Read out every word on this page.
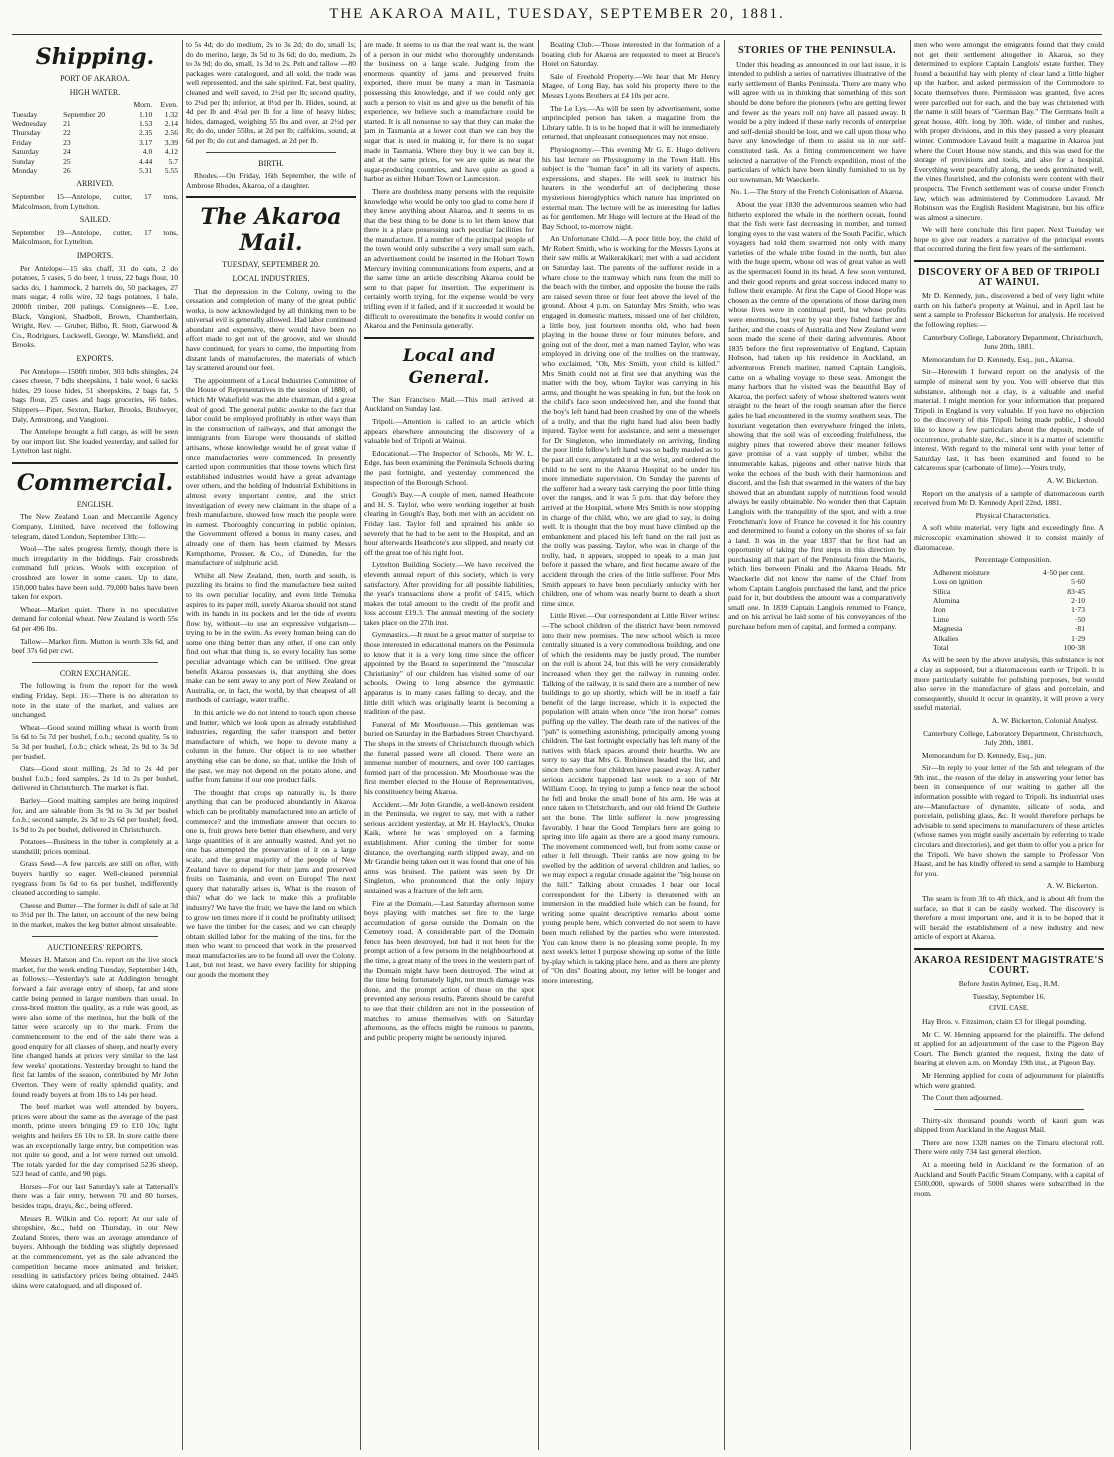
THE AKAROA MAIL, TUESDAY, SEPTEMBER 20, 1881.
Shipping.
PORT OF AKAROA.
HIGH WATER.
		Morn.	Even.
Tuesday	September 20	1.10	1.32
Wednesday	21	1.53	2.14
Thursday	22	2.35	2.56
Friday	23	3.17	3.39
Saturday	24	4.0	4.12
Sunday	25	4.44	5.7
Monday	26	5.31	5.55
ARRIVED.

September 15—Antelope, cutter, 17 tons, Malcolmson, from Lyttelton.

SAILED.

September 19—Antelope, cutter, 17 tons, Malcolmson, for Lyttelton.

IMPORTS.

Per Antelope—15 sks chaff, 31 do oats, 2 do potatoes, 5 cases, 5 do beer, 1 truss, 22 bags flour, 10 sacks do, 1 hammock, 2 barrels do, 50 packages, 27 mats sugar, 4 rolls wire, 32 bags potatoes, 1 bale, 2000ft timber, 200 palings. Consignees—E. Lee, Black, Vangioni, Shadbolt, Brown, Chamberlain, Wright, Rev. — Gruber, Bilbo, R. Stott, Garwood & Co., Rodrigues, Luckwell, George, W. Mansfield, and Brooks.

EXPORTS.

Per Antelope—1500ft timber, 303 bdls shingles, 24 cases cheese, 7 bdls sheepskins, 1 bale wool, 6 sacks hides, 29 loose hides, 51 sheepskins, 2 bags fat, 5 bags flour, 25 cases and bags groceries, 66 hides. Shippers—Piper, Sexton, Barker, Brooks, Bruhwyer, Daly, Armstrong, and Vangioni.

The Antelope brought a full cargo, as will be seen by our import list. She loaded yesterday, and sailed for Lyttelton last night.

Commercial.
ENGLISH.

The New Zealand Loan and Mercantile Agency Company, Limited, have received the following telegram, dated London, September 13th:—

Wool—The sales progress firmly, though there is much irregularity in the biddings. Fair crossbreds command full prices. Wools with exception of crossbred are lower in some cases. Up to date, 150,000 bales have been sold. 79,000 bales have been taken for export.

Wheat—Market quiet. There is no speculative demand for colonial wheat. New Zealand is worth 55s 6d per 496 lbs.

Tallow—Market firm. Mutton is worth 33s 6d, and beef 37s 6d per cwt.

CORN EXCHANGE.

The following is from the report for the week ending Friday, Sept. 16:—There is no alteration to note in the state of the market, and values are unchanged.

Wheat—Good sound milling wheat is worth from 5s 6d to 5s 7d per bushel, f.o.b.; second quality, 5s to 5s 3d per bushel, f.o.b.; chick wheat, 2s 9d to 3s 3d per bushel.

Oats—Good stout milling, 2s 3d to 2s 4d per bushel f.o.b.; feed samples, 2s 1d to 2s per bushel, delivered in Christchurch. The market is flat.

Barley—Good malting samples are being inquired for, and are saleable from 3s 9d to 3s 3d per bushel f.o.b.; second sample, 2s 3d to 2s 6d per bushel; feed, 1s 9d to 2s per bushel, delivered in Christchurch.

Potatoes—Business in the tuber is completely at a standstill; prices nominal.

Grass Seed—A few parcels are still on offer, with buyers hardly so eager. Well-cleaned perennial ryegrass from 5s 6d to 6s per bushel, indifferently cleaned according to sample.

Cheese and Butter—The former is dull of sale at 3d to 3½d per lb. The latter, on account of the new being in the market, makes the keg butter almost unsaleable.

AUCTIONEERS' REPORTS.

Messrs H. Matson and Co. report on the live stock market, for the week ending Tuesday, September 14th, as follows:—Yesterday's sale at Addington brought forward a fair average entry of sheep, fat and store cattle being penned in larger numbers than usual. In cross-bred mutton the quality, as a rule was good, as were also some of the merinos, but the bulk of the latter were scarcely up to the mark. From the commencement to the end of the sale there was a good enquiry for all classes of sheep, and nearly every line changed hands at prices very similar to the last few weeks' quotations. Yesterday brought to hand the first fat lambs of the season, contributed by Mr John Overton. They were of really splendid quality, and found ready buyers at from 18s to 14s per head.

The beef market was well attended by buyers, prices were about the same as the average of the past month, prime steers bringing £9 to £10 10s; light weights and heifers £6 10s to £8. In store cattle there was an exceptionally large entry, but competition was not quite so good, and a lot were turned out unsold. The totals yarded for the day comprised 5236 sheep, 523 head of cattle, and 90 pigs.

Horses—For our last Saturday's sale at Tattersall's there was a fair entry, between 70 and 80 horses, besides traps, drays, &c., being offered.

Messrs R. Wilkin and Co. report: At our sale of shropshire, &c., held on Thursday, in our New Zealand Stores, there was an average attendance of buyers. Although the bidding was slightly depressed at the commencement, yet as the sale advanced the competition became more animated and brisker, resulting in satisfactory prices being obtained. 2445 skins were catalogued, and all disposed of.

to 5s 4d; do do medium, 2s to 3s 2d; do do, small 1s; do do merino, large, 3s 5d to 3s 6d; do do, medium, 2s to 3s 9d; do do, small, 1s 3d to 2s. Pelt and tallow —80 packages were catalogued, and all sold, the trade was well represented, and the sale spirited. Fat, best quality, cleaned and well saved, to 2½d per lb; second quality, to 2¼d per lb; inferior, at 0½d per lb. Hides, sound, at 4d per lb and 4¼d per lb for a line of heavy hides; hides, damaged, weighing 55 lbs and over, at 2½d per lb; do do, under 55lbs, at 2d per lb; calfskins, sound, at 6d per lb; do cut and damaged, at 2d per lb.

BIRTH.

Rhodes.—On Friday, 16th September, the wife of Ambrose Rhodes, Akaroa, of a daughter.

The Akaroa Mail.
TUESDAY, SEPTEMBER 20.
LOCAL INDUSTRIES.

That the depression in the Colony, owing to the cessation and completion of many of the great public works, is now acknowledged by all thinking men to be universal evil is generally allowed. Had labor continued abundant and expensive, there would have been no effort made to get out of the groove, and we should have continued, for years to come, the importing from distant lands of manufactures, the materials of which lay scattered around our feet.

The appointment of a Local Industries Committee of the House of Representatives in the session of 1880, of which Mr Wakefield was the able chairman, did a great deal of good. The general public awoke to the fact that labor could be employed profitably in other ways than in the construction of railways, and that amongst the immigrants from Europe were thousands of skilled artisans, whose knowledge would be of great value if once manufactories were commenced. In presently carried upon communities that those towns which first established industries would have a great advantage over others, and the holding of Industrial Exhibitions in almost every important centre, and the strict investigation of every new claimant in the shape of a fresh manufacture, showed how much the people were in earnest. Thoroughly concurring in public opinion, the Government offered a bonus in many cases, and already one of them has been claimed by Messrs Kempthorne, Prosser, & Co., of Dunedin, for the manufacture of sulphuric acid.

Whilst all New Zealand, then, north and south, is puzzling its brains to find the manufacture best suited to its own peculiar locality, and even little Temuka aspires to its paper mill, surely Akaroa should not stand with its hands in its pockets and let the tide of events flow by, without—to use an expressive vulgarism—trying to be in the swim. As every human being can do some one thing better than any other, if one can only find out what that thing is, so every locality has some peculiar advantage which can be utilised. One great benefit Akaroa possesses is, that anything she does make can be sent away to any port of New Zealand or Australia, or, in fact, the world, by that cheapest of all methods of carriage, water traffic.

In this article we do not intend to touch upon cheese and butter, which we look upon as already established industries, regarding the safer transport and better manufacture of which, we hope to devote many a column in the future. Our object is to see whether anything else can be done, so that, unlike the Irish of the past, we may not depend on the potato alone, and suffer from famine if our one product fails.

The thought that crops up naturally is, Is there anything that can be produced abundantly in Akaroa which can be profitably manufactured into an article of commerce? and the immediate answer that occurs to one is, fruit grows here better than elsewhere, and very large quantities of it are annually wasted. And yet no one has attempted the preservation of it on a large scale, and the great majority of the people of New Zealand have to depend for their jams and preserved fruits on Tasmania, and even on Europe! The next query that naturally arises is, What is the reason of this? what do we lack to make this a profitable industry? We have the fruit; we have the land on which to grow ten times more if it could be profitably utilised; we have the timber for the cases; and we can cheaply obtain skilled labor for the making of the tins, for the men who want to proceed that work in the preserved meat manufactories are to be found all over the Colony. Last, but not least, we have every facility for shipping our goods the moment they

are made. It seems to us that the real want is, the want of a person in our midst who thoroughly understands the business on a large scale. Judging from the enormous quantity of jams and preserved fruits exported, there must be many a man in Tasmania possessing this knowledge, and if we could only get such a person to visit us and give us the benefit of his experience, we believe such a manufacture could be started. It is all nonsense to say that they can make the jam in Tasmania at a lower cost than we can buy the sugar that is used in making it, for there is no sugar made in Tasmania. Where they buy it we can buy it, and at the same prices, for we are quite as near the sugar-producing countries, and have quite as good a harbor as either Hobart Town or Launceston.

There are doubtless many persons with the requisite knowledge who would be only too glad to come here if they knew anything about Akaroa, and it seems to us that the best thing to be done is to let them know that there is a place possessing such peculiar facilities for the manufacture. If a number of the principal people of the town would only subscribe a very small sum each, an advertisement could be inserted in the Hobart Town Mercury inviting communications from experts, and at the same time an article describing Akaroa could be sent to that paper for insertion. The experiment is certainly worth trying, for the expense would be very trifling even if it failed, and if it succeeded it would be difficult to overestimate the benefits it would confer on Akaroa and the Peninsula generally.

Local and General.

The San Francisco Mail.—This mail arrived at Auckland on Sunday last.

Tripoli.—Attention is called to an article which appears elsewhere announcing the discovery of a valuable bed of Tripoli at Wainui.

Educational.—The Inspector of Schools, Mr W. L. Edge, has been examining the Peninsula Schools during the past fortnight, and yesterday commenced the inspection of the Borough School.

Gough's Bay.—A couple of men, named Heathcote and H. S. Taylor, who were working together at bush clearing in Gough's Bay, both met with an accident on Friday last. Taylor fell and sprained his ankle so severely that he had to be sent to the Hospital, and an hour afterwards Heathcote's axe slipped, and nearly cut off the great toe of his right foot.

Lyttelton Building Society.—We have received the eleventh annual report of this society, which is very satisfactory. After providing for all possible liabilities, the year's transactions show a profit of £415, which makes the total amount to the credit of the profit and loss account £19.3. The annual meeting of the society takes place on the 27th inst.

Gymnastics.—It must be a great matter of surprise to those interested in educational matters on the Peninsula to know that it is a very long time since the officer appointed by the Board to superintend the "muscular Christianity" of our children has visited some of our schools. Owing to long absence the gymnastic apparatus is in many cases falling to decay, and the little drill which was originally learnt is becoming a tradition of the past.

Funeral of Mr Moorhouse.—This gentleman was buried on Saturday in the Barbadoes Street Churchyard. The shops in the streets of Christchurch through which the funeral passed were all closed. There were an immense number of mourners, and over 100 carriages formed part of the procession. Mr Moorhouse was the first member elected to the House of Representatives, his constituency being Akaroa.

Accident.—Mr John Grandie, a well-known resident in the Peninsula, we regret to say, met with a rather serious accident yesterday, at Mr H. Haylock's, Onuku Kaik, where he was employed on a farming establishment. After cutting the timber for some distance, the overhanging earth slipped away, and on Mr Grandie being taken out it was found that one of his arms was bruised. The patient was seen by Dr Singleton, who pronounced that the only injury sustained was a fracture of the left arm.

Fire at the Domain.—Last Saturday afternoon some boys playing with matches set fire to the large accumulation of gorse outside the Domain on the Cemetery road. A considerable part of the Domain fence has been destroyed, but had it not been for the prompt action of a few persons in the neighbourhood at the time, a great many of the trees in the western part of the Domain might have been destroyed. The wind at the time being fortunately light, not much damage was done, and the prompt action of those on the spot prevented any serious results. Parents should be careful to see that their children are not in the possession of matches to amuse themselves with on Saturday afternoons, as the effects might be ruinous to parents, and public property might be seriously injured.

Boating Club.—Those interested in the formation of a boating club for Akaroa are requested to meet at Bruce's Hotel on Saturday.

Sale of Freehold Property.—We hear that Mr Henry Magee, of Long Bay, has sold his property there to the Messrs Lyons Brothers at £4 10s per acre.

The Le Lys.—As will be seen by advertisement, some unprincipled person has taken a magazine from the Library table. It is to be hoped that it will be immediately returned, that unpleasant consequences may not ensue.

Physiognomy.—This evening Mr G. E. Hugo delivers his last lecture on Physiognomy in the Town Hall. His subject is the "human face" in all its variety of aspects, expressions, and shapes. He will seek to instruct his hearers in the wonderful art of deciphering those mysterious hieroglyphics which nature has imprinted on external man. The lecture will be as interesting for ladies as for gentlemen. Mr Hugo will lecture at the Head of the Bay School, to-morrow night.

An Unfortunate Child.—A poor little boy, the child of Mr Robert Smith, who is working for the Messrs Lyons at their saw mills at Waikerakikari; met with a sad accident on Saturday last. The parents of the sufferer reside in a whare close to the tramway which runs from the mill to the beach with the timber, and opposite the house the rails are raised seven three or four feet above the level of the ground. About 4 p.m. on Saturday Mrs Smith, who was engaged in domestic matters, missed one of her children, a little boy, just fourteen months old, who had been playing in the house three or four minutes before, and going out of the door, met a man named Taylor, who was employed in driving one of the trollies on the tramway, who exclaimed, "Oh, Mrs Smith, your child is killed." Mrs Smith could not at first see that anything was the matter with the boy, whom Taylor was carrying in his arms, and thought he was speaking in fun, but the look on the child's face soon undeceived her, and she found that the boy's left hand had been crushed by one of the wheels of a trolly, and that the right hand had also been badly injured. Taylor went for assistance, and sent a messenger for Dr Singleton, who immediately on arriving, finding the poor little fellow's left hand was so badly mauled as to be past all cure, amputated it at the wrist, and ordered the child to be sent to the Akaroa Hospital to be under his more immediate supervision. On Sunday the parents of the sufferer had a weary task carrying the poor little thing over the ranges, and it was 5 p.m. that day before they arrived at the Hospital, where Mrs Smith is now stopping in charge of the child, who, we are glad to say, is doing well. It is thought that the boy must have climbed up the embankment and placed his left hand on the rail just as the trolly was passing. Taylor, who was in charge of the trolly, had, it appears, stopped to speak to a man just before it passed the whare, and first became aware of the accident through the cries of the little sufferer. Poor Mrs Smith appears to have been peculiarly unlucky with her children, one of whom was nearly burnt to death a short time since.

Little River.—Our correspondent at Little River writes:—The school children of the district have been removed into their new premises. The new school which is more centrally situated is a very commodious building, and one of which the residents may be justly proud. The number on the roll is about 24, but this will be very considerably increased when they get the railway in running order. Talking of the railway, it is said there are a number of new buildings to go up shortly, which will be in itself a fair benefit of the large increase, which it is expected the population will attain when once "the iron horse" comes puffing up the valley. The death rate of the natives of the "pah" is something astonishing, principally among young children. The last fortnight especially has left many of the natives with black spaces around their hearths. We are sorry to say that Mrs G. Robinson headed the list, and since then some four children have passed away. A rather serious accident happened last week to a son of Mr William Coop. In trying to jump a fence near the school he fell and broke the small bone of his arm. He was at once taken to Christchurch, and our old friend Dr Guthrie set the bone. The little sufferer is now progressing favorably. I hear the Good Templars here are going to spring into life again as there are a good many rumours. The movement commenced well, but from some cause or other it fell through. Their ranks are now going to be swelled by the addition of several children and ladies, so we may expect a regular crusade against the "big house on the hill." Talking about crusades I hear our local correspondent for the Liberty is threatened with an immersion in the muddied hole which can be found, for writing some quaint descriptive remarks about some young people here, which converted do not seem to have been much relished by the parties who were interested. You can know there is no pleasing some people. In my next week's letter I purpose showing up some of the little by-play which is taking place here, and as there are plenty of "On dits" floating about, my letter will be longer and more interesting.

STORIES OF THE PENINSULA.

Under this heading as announced in our last issue, it is intended to publish a series of narratives illustrative of the early settlement of Banks Peninsula. There are many who will agree with us in thinking that something of this sort should be done before the pioneers (who are getting fewer and fewer as the years roll on) have all passed away. It would be a pity indeed if these early records of enterprise and self-denial should be lost, and we call upon those who have any knowledge of them to assist us in our self-constituted task. As a fitting commencement we have selected a narrative of the French expedition, most of the particulars of which have been kindly furnished to us by our townsman, Mr Waeckerle.

No. 1.—The Story of the French Colonisation of Akaroa.

About the year 1830 the adventurous seamen who had hitherto explored the whale in the northern ocean, found that the fish were fast decreasing in number, and turned longing eyes to the vast waters of the South Pacific, which voyagers had told them swarmed not only with many varieties of the whale tribe found in the north, but also with the huge sperm, whose oil was of great value as well as the spermaceti found in its head. A few soon ventured, and their good reports and great success induced many to follow their example. At first the Cape of Good Hope was chosen as the centre of the operations of those daring men whose lives were in continual peril, but whose profits were enormous, but year by year they fished farther and farther, and the coasts of Australia and New Zealand were soon made the scene of their daring adventures. About 1835 before the first representative of England, Captain Hobson, had taken up his residence in Auckland, an adventurous French mariner, named Captain Langlois, came on a whaling voyage to these seas. Amongst the many harbors that he visited was the beautiful Bay of Akaroa, the perfect safety of whose sheltered waters went straight to the heart of the rough seaman after the fierce gales he had encountered in the stormy southern seas. The luxuriant vegetation then everywhere fringed the inlets, showing that the soil was of exceeding fruitfulness, the mighty pines that towered above their meaner fellows gave promise of a vast supply of timber, whilst the innumerable kakas, pigeons and other native birds that woke the echoes of the bush with their harmonious and discord, and the fish that swarmed in the waters of the bay showed that an abundant supply of nutritious food would always be easily obtainable. No wonder then that Captain Langlois with the tranquility of the spot, and with a true Frenchman's love of France he coveted it for his country and determined to found a colony on the shores of so fair a land. It was in the year 1837 that he first had an opportunity of taking the first steps in this direction by purchasing all that part of the Peninsula from the Maoris, which lies between Pinaki and the Akaroa Heads. Mr Waeckerle did not know the name of the Chief from whom Captain Langlois purchased the land, and the price paid for it, but doubtless the amount was a comparatively small one. In 1839 Captain Langlois returned to France, and on his arrival he laid some of his conveyances of the purchase before men of capital, and formed a company.

men who were amongst the emigrants found that they could not get their settlement altogether in Akaroa, so they determined to explore Captain Langlois' estate further. They found a beautiful bay with plenty of clear land a little higher up the harbor, and asked permission of the Commodore to locate themselves there. Permission was granted, five acres were parcelled out for each, and the bay was christened with the name it still bears of "German Bay." The Germans built a great house, 40ft. long by 30ft. wide, of timber and rushes, with proper divisions, and in this they passed a very pleasant winter. Commodore Lavaud built a magazine in Akaroa just where the Court House now stands, and this was used for the storage of provisions and tools, and also for a hospital. Everything went peacefully along, the seeds germinated well, the vines flourished, and the colonists were content with their prospects. The French settlement was of course under French law, which was administered by Commodore Lavaud. Mr Robinson was the English Resident Magistrate, but his office was almost a sinecure.

We will here conclude this first paper. Next Tuesday we hope to give our readers a narrative of the principal events that occurred during the first few years of the settlement.

DISCOVERY OF A BED OF TRIPOLI AT WAINUI.

Mr D. Kennedy, jun., discovered a bed of very light white earth on his father's property at Wainui, and in April last he sent a sample to Professor Bickerton for analysis. He received the following replies:—

Canterbury College, Laboratory Department, Christchurch, June 20th, 1881.

Memorandum for D. Kennedy, Esq., jun., Akaroa.

Sir—Herewith I forward report on the analysis of the sample of mineral sent by you. You will observe that this substance, although not a clay, is a valuable and useful material. I might mention for your information that prepared Tripoli in England is very valuable. If you have no objection to the discovery of this Tripoli being made public, I should like to know a few particulars about the deposit, mode of occurrence, probable size, &c., since it is a matter of scientific interest. With regard to the mineral sent with your letter of Saturday last, it has been examined and found to be calcareous spar (carbonate of lime).—Yours truly,

A. W. Bickerton.

Report on the analysis of a sample of diatomaceous earth received from Mr D. Kennedy April 22nd, 1881.

Physical Characteristics.

A soft white material, very light and exceedingly fine. A microscopic examination showed it to consist mainly of diatomaceae.

Percentage Composition.

Adherent moisture	4·50 per cent.
Loss on ignition	5·60
Silica	83·45
Alumina	2·10
Iron	1·73
Lime	·50
Magnesia	·81
Alkalies	1·29
Total	100·38

As will be seen by the above analysis, this substance is not a clay as supposed, but a diatomaceous earth or Tripoli. It is more particularly suitable for polishing purposes, but would also serve in the manufacture of glass and porcelain, and consequently, should it occur in quantity, it will prove a very useful material.

A. W. Bickerton, Colonial Analyst.

Canterbury College, Laboratory Department, Christchurch, July 20th, 1881.

Memorandum for D. Kennedy, Esq., jun.

Sir—In reply to your letter of the 5th and telegram of the 9th inst., the reason of the delay in answering your letter has been in consequence of our waiting to gather all the information possible with regard to Tripoli. Its industrial uses are—Manufacture of dynamite, silicate of soda, and porcelain, polishing glass, &c. It would therefore perhaps be advisable to send specimens to manufacturers of these articles (whose names you might easily ascertain by referring to trade circulars and directories), and get them to offer you a price for the Tripoli. We have shown the sample to Professor Von Haast, and he has kindly offered to send a sample to Hamburg for you.

A. W. Bickerton.

The seam is from 3ft to 4ft thick, and is about 4ft from the surface, so that it can be easily worked. The discovery is therefore a most important one, and it is to be hoped that it will herald the establishment of a new industry and new article of export at Akaroa.

AKAROA RESIDENT MAGISTRATE'S COURT.

Before Justin Aylmer, Esq., R.M.

Tuesday, September 16.

CIVIL CASE.

Hay Bros. v. Fitzsimon, claim £3 for illegal pounding.

Mr C. W. Henning appeared for the plaintiffs. The defend nt applied for an adjournment of the case to the Pigeon Bay Court. The Bench granted the request, fixing the date of hearing at eleven a.m. on Monday 19th inst., at Pigeon Bay.

Mr Henning applied for costs of adjournment for plaintiffs which were granted.

The Court then adjourned.

Thirty-six thousand pounds worth of kauri gum was shipped from Auckland in the August Mail.

There are now 1328 names on the Timaru electoral roll. There were only 734 last general election.

At a meeting held in Auckland re the formation of an Auckland and South Pacific Steam Company, with a capital of £500,000, upwards of 5000 shares were subscribed in the room.
